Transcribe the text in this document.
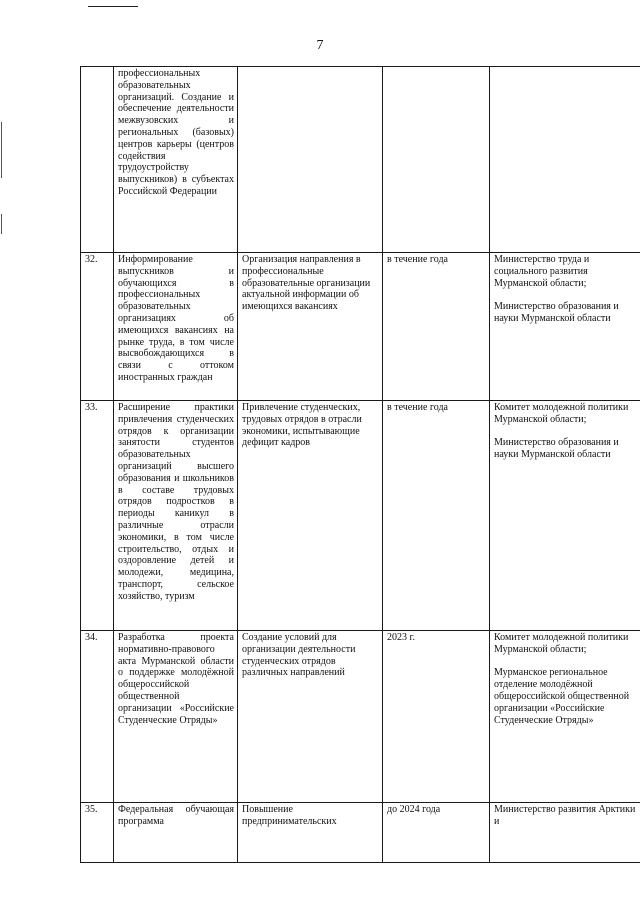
7
	профессиональных образовательных организаций. Создание и обеспечение деятельности межвузовских и региональных (базовых) центров карьеры (центров содействия трудоустройству выпускников) в субъектах Российской Федерации			
32.	Информирование выпускников и обучающихся в профессиональных образовательных организациях об имеющихся вакансиях на рынке труда, в том числе высвобождающихся в связи с оттоком иностранных граждан	Организация направления в профессиональные образовательные организации актуальной информации об имеющихся вакансиях	в течение года	Министерство труда и социального развития Мурманской области;
Министерство образования и науки Мурманской области
33.	Расширение практики привлечения студенческих отрядов к организации занятости студентов образовательных организаций высшего образования и школьников в составе трудовых отрядов подростков в периоды каникул в различные отрасли экономики, в том числе строительство, отдых и оздоровление детей и молодежи, медицина, транспорт, сельское хозяйство, туризм	Привлечение студенческих, трудовых отрядов в отрасли экономики, испытывающие дефицит кадров	в течение года	Комитет молодежной политики Мурманской области;
Министерство образования и науки Мурманской области
34.	Разработка проекта нормативно-правового акта Мурманской области о поддержке молодёжной общероссийской общественной организации «Российские Студенческие Отряды»	Создание условий для организации деятельности студенческих отрядов различных направлений	2023 г.	Комитет молодежной политики Мурманской области;
Мурманское региональное отделение молодёжной общероссийской общественной организации «Российские Студенческие Отряды»
35.	Федеральная обучающая программа	Повышение предпринимательских	до 2024 года	Министерство развития Арктики и
